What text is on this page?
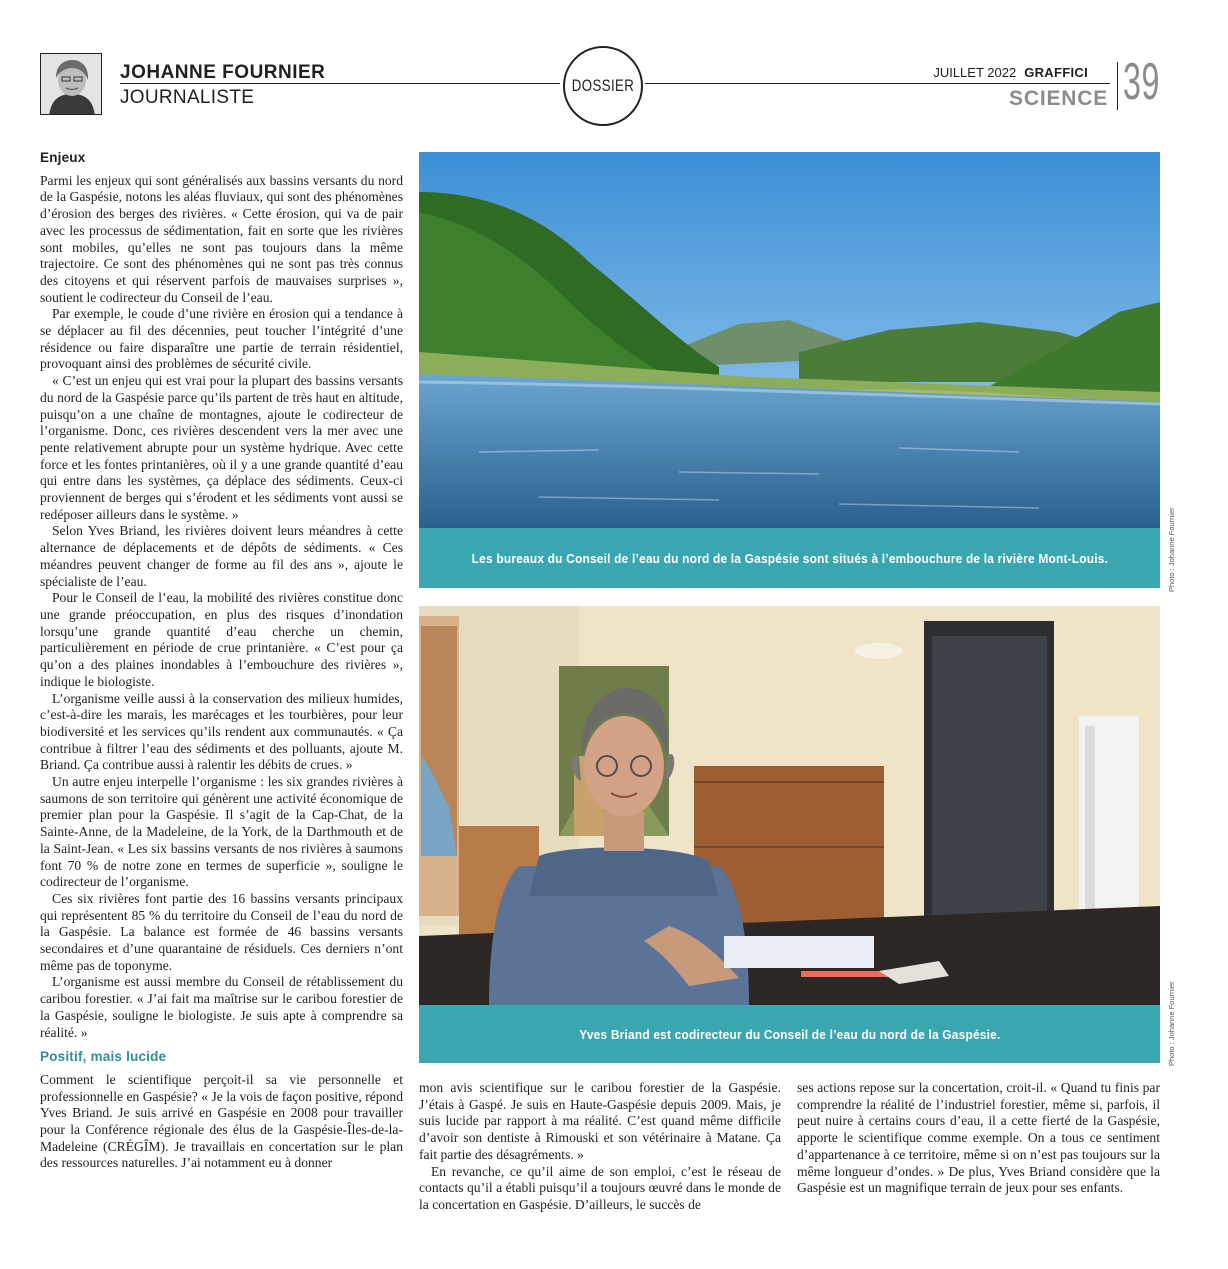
JOHANNE FOURNIER
JOURNALISTE
DOSSIER
JUILLET 2022 GRAFFICI
SCIENCE 39
Enjeux

Parmi les enjeux qui sont généralisés aux bassins versants du nord de la Gaspésie, notons les aléas fluviaux, qui sont des phénomènes d’érosion des berges des rivières. « Cette érosion, qui va de pair avec les processus de sédimentation, fait en sorte que les rivières sont mobiles, qu’elles ne sont pas toujours dans la même trajectoire. Ce sont des phénomènes qui ne sont pas très connus des citoyens et qui réservent parfois de mauvaises surprises », soutient le codirecteur du Conseil de l’eau.

Par exemple, le coude d’une rivière en érosion qui a tendance à se déplacer au fil des décennies, peut toucher l’intégrité d’une résidence ou faire disparaître une partie de terrain résidentiel, provoquant ainsi des problèmes de sécurité civile.

« C’est un enjeu qui est vrai pour la plupart des bassins versants du nord de la Gaspésie parce qu’ils partent de très haut en altitude, puisqu’on a une chaîne de montagnes, ajoute le codirecteur de l’organisme. Donc, ces rivières descendent vers la mer avec une pente relativement abrupte pour un système hydrique. Avec cette force et les fontes printanières, où il y a une grande quantité d’eau qui entre dans les systèmes, ça déplace des sédiments. Ceux-ci proviennent de berges qui s’érodent et les sédiments vont aussi se redéposer ailleurs dans le système. »

Selon Yves Briand, les rivières doivent leurs méandres à cette alternance de déplacements et de dépôts de sédiments. « Ces méandres peuvent changer de forme au fil des ans », ajoute le spécialiste de l’eau.

Pour le Conseil de l’eau, la mobilité des rivières constitue donc une grande préoccupation, en plus des risques d’inondation lorsqu’une grande quantité d’eau cherche un chemin, particulièrement en période de crue printanière. « C’est pour ça qu’on a des plaines inondables à l’embouchure des rivières », indique le biologiste.

L’organisme veille aussi à la conservation des milieux humides, c’est-à-dire les marais, les marécages et les tourbières, pour leur biodiversité et les services qu’ils rendent aux communautés. « Ça contribue à filtrer l’eau des sédiments et des polluants, ajoute M. Briand. Ça contribue aussi à ralentir les débits de crues. »

Un autre enjeu interpelle l’organisme : les six grandes rivières à saumons de son territoire qui génèrent une activité économique de premier plan pour la Gaspésie. Il s’agit de la Cap-Chat, de la Sainte-Anne, de la Madeleine, de la York, de la Darthmouth et de la Saint-Jean. « Les six bassins versants de nos rivières à saumons font 70 % de notre zone en termes de superficie », souligne le codirecteur de l’organisme.

Ces six rivières font partie des 16 bassins versants principaux qui représentent 85 % du territoire du Conseil de l’eau du nord de la Gaspésie. La balance est formée de 46 bassins versants secondaires et d’une quarantaine de résiduels. Ces derniers n’ont même pas de toponyme.

L’organisme est aussi membre du Conseil de rétablissement du caribou forestier. « J’ai fait ma maîtrise sur le caribou forestier de la Gaspésie, souligne le biologiste. Je suis apte à comprendre sa réalité. »

Positif, mais lucide

Comment le scientifique perçoit-il sa vie personnelle et professionnelle en Gaspésie? « Je la vois de façon positive, répond Yves Briand. Je suis arrivé en Gaspésie en 2008 pour travailler pour la Conférence régionale des élus de la Gaspésie-Îles-de-la-Madeleine (CRÉGÎM). Je travaillais en concertation sur le plan des ressources naturelles. J’ai notamment eu à donner

Les bureaux du Conseil de l’eau du nord de la Gaspésie sont situés à l’embouchure de la rivière Mont-Louis.	Photo : Johanne Fournier
Yves Briand est codirecteur du Conseil de l’eau du nord de la Gaspésie.	Photo : Johanne Fournier

mon avis scientifique sur le caribou forestier de la Gaspésie. J’étais à Gaspé. Je suis en Haute-Gaspésie depuis 2009. Mais, je suis lucide par rapport à ma réalité. C’est quand même difficile d’avoir son dentiste à Rimouski et son vétérinaire à Matane. Ça fait partie des désagréments. »

En revanche, ce qu’il aime de son emploi, c’est le réseau de contacts qu’il a établi puisqu’il a toujours œuvré dans le monde de la concertation en Gaspésie. D’ailleurs, le succès de

ses actions repose sur la concertation, croit-il. « Quand tu finis par comprendre la réalité de l’industriel forestier, même si, parfois, il peut nuire à certains cours d’eau, il a cette fierté de la Gaspésie, apporte le scientifique comme exemple. On a tous ce sentiment d’appartenance à ce territoire, même si on n’est pas toujours sur la même longueur d’ondes. » De plus, Yves Briand considère que la Gaspésie est un magnifique terrain de jeux pour ses enfants.
